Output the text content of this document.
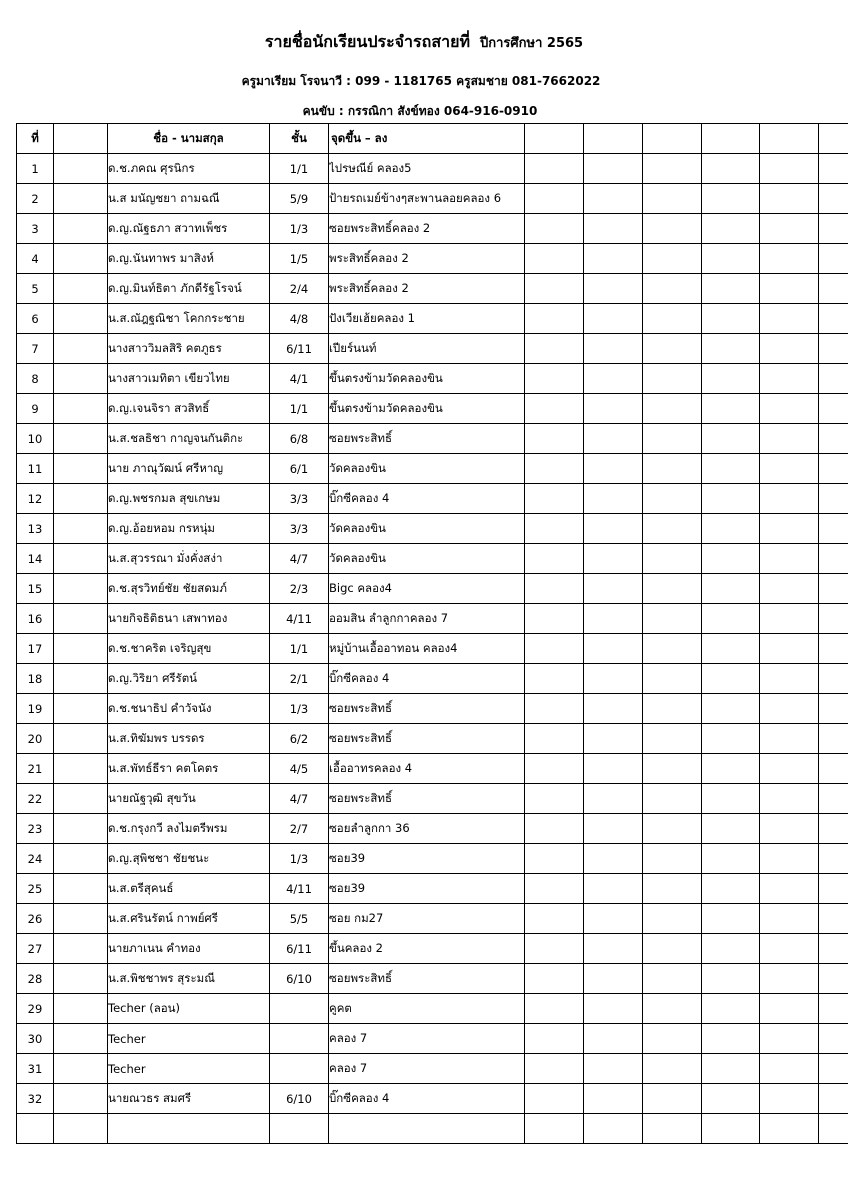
รายชื่อนักเรียนประจำรถสายที่ ปีการศึกษา 2565
ครูมาเรียม โรจนาวี : 099 - 1181765 ครูสมชาย 081-7662022
คนขับ : กรรณิกา สังข์ทอง 064-916-0910
ที่		ชื่อ - นามสกุล	ชั้น	จุดขึ้น – ลง						
1		ด.ช.ภคณ ศุรนิกร	1/1	ไปรษณีย์ คลอง5						
2		น.ส มนัญชยา ถามฉณี	5/9	ป้ายรถเมย์ข้างๆสะพานลอยคลอง 6						
3		ด.ญ.ณัฐธภา สวาทเพ็ชร	1/3	ซอยพระสิทธิ์คลอง 2						
4		ด.ญ.นันทาพร มาสิงห์	1/5	พระสิทธิ์คลอง 2						
5		ด.ญ.มินท์ธิตา ภักดีรัฐโรจน์	2/4	พระสิทธิ์คลอง 2						
6		น.ส.ณัฎฐณิชา โคกกระชาย	4/8	ปังเวียเฮ้ยคลอง 1						
7		นางสาววิมลสิริ คตภูธร	6/11	เปียร์นนท์						
8		นางสาวเมทิตา เขียวไทย	4/1	ขึ้นตรงข้ามวัดคลองขิน						
9		ด.ญ.เจนจิรา สวสิทธิ์	1/1	ขึ้นตรงข้ามวัดคลองขิน						
10		น.ส.ชลธิชา กาญจนกันติกะ	6/8	ซอยพระสิทธิ์						
11		นาย ภาณุวัฒน์ ศรีหาญ	6/1	วัดคลองขิน						
12		ด.ญ.พชรกมล สุขเกษม	3/3	บิ๊กซีคลอง 4						
13		ด.ญ.อ้อยหอม กรหนุ่ม	3/3	วัดคลองขิน						
14		น.ส.สุวรรณา มั่งคั่งสง่า	4/7	วัดคลองขิน						
15		ด.ช.สุรวิทย์ชัย ชัยสดมภ์	2/3	Bigc คลอง4						
16		นายกิจธิติธนา เสพาทอง	4/11	ออมสิน ลำลูกกาคลอง 7						
17		ด.ช.ชาคริต เจริญสุข	1/1	หมู่บ้านเอื้ออาทอน คลอง4						
18		ด.ญ.วิริยา ศรีรัตน์	2/1	บิ๊กซีคลอง 4						
19		ด.ช.ชนาธิป คำวัจนัง	1/3	ซอยพระสิทธิ์						
20		น.ส.ทิฆัมพร บรรดร	6/2	ซอยพระสิทธิ์						
21		น.ส.พัทธ์ธีรา คตโคตร	4/5	เอื้ออาทรคลอง 4						
22		นายณัฐวุฒิ สุขวัน	4/7	ซอยพระสิทธิ์						
23		ด.ช.กรุงกวี ลงไมตรีพรม	2/7	ซอยลำลูกกา 36						
24		ด.ญ.สุพิชชา ชัยชนะ	1/3	ซอย39						
25		น.ส.ตรีสุคนธ์	4/11	ซอย39						
26		น.ส.ศรินรัตน์ กาพย์ศรี	5/5	ซอย กม27						
27		นายภาเนน คำทอง	6/11	ขึ้นคลอง 2						
28		น.ส.พิชชาพร สุระมณี	6/10	ซอยพระสิทธิ์						
29		Techer (ลอน)		คูคต						
30		Techer		คลอง 7						
31		Techer		คลอง 7						
32		นายณวธร สมศรี	6/10	บิ๊กซีคลอง 4						
